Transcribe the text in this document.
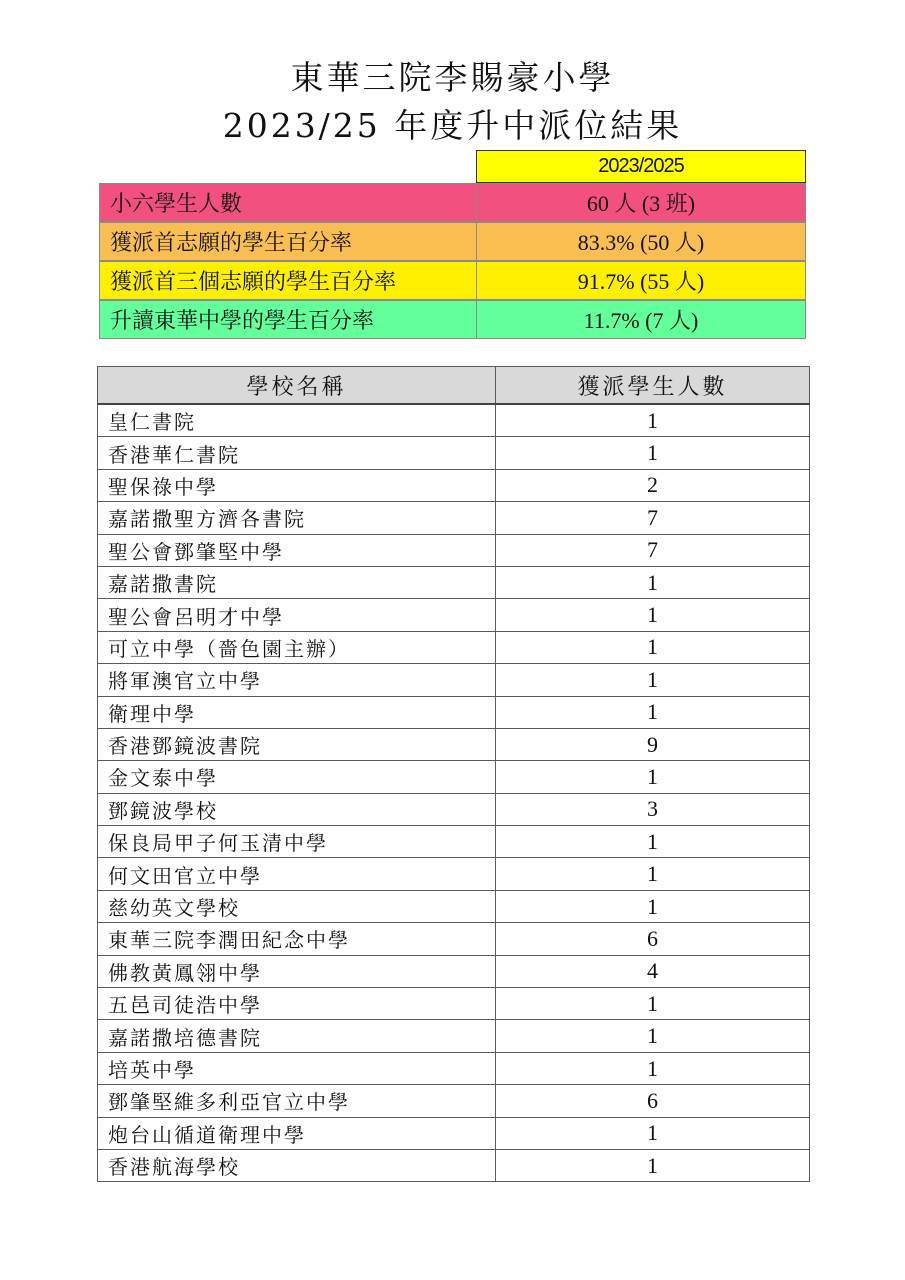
東華三院李賜豪小學
2023/25 年度升中派位結果
2023/2025
小六學生人數	60 人 (3 班)
獲派首志願的學生百分率	83.3% (50 人)
獲派首三個志願的學生百分率	91.7% (55 人)
升讀東華中學的學生百分率	11.7% (7 人)
學校名稱	獲派學生人數
皇仁書院	1
香港華仁書院	1
聖保祿中學	2
嘉諾撒聖方濟各書院	7
聖公會鄧肇堅中學	7
嘉諾撒書院	1
聖公會呂明才中學	1
可立中學（嗇色園主辦）	1
將軍澳官立中學	1
衛理中學	1
香港鄧鏡波書院	9
金文泰中學	1
鄧鏡波學校	3
保良局甲子何玉清中學	1
何文田官立中學	1
慈幼英文學校	1
東華三院李潤田紀念中學	6
佛教黃鳳翎中學	4
五邑司徒浩中學	1
嘉諾撒培德書院	1
培英中學	1
鄧肇堅維多利亞官立中學	6
炮台山循道衛理中學	1
香港航海學校	1
